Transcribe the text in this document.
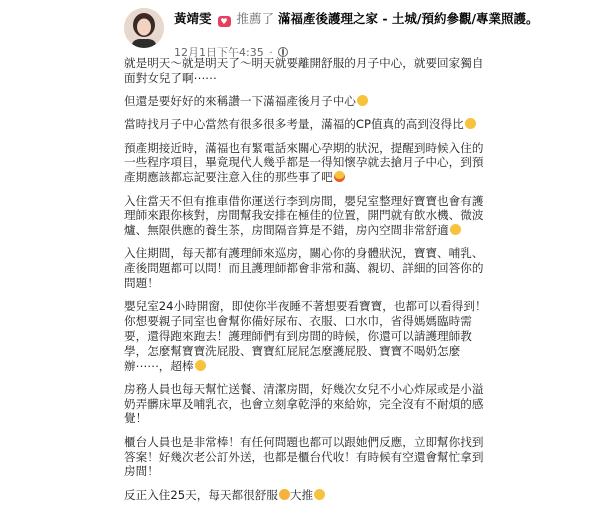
黃靖雯 ♥ 推薦了 滿福產後護理之家 - 土城/預約參觀/專業照護。
12月1日下午4:35 ·

就是明天～就是明天了～明天就要離開舒服的月子中心，就要回家獨自面對女兒了啊⋯⋯

但還是要好好的來稱讚一下滿福產後月子中心

當時找月子中心當然有很多很多考量，滿福的CP值真的高到沒得比

預產期接近時，滿福也有緊電話來關心孕期的狀況，提醒到時候入住的一些程序項目，畢竟現代人幾乎都是一得知懷孕就去搶月子中心，到預產期應該都忘記要注意入住的那些事了吧

入住當天不但有推車借你運送行李到房間，嬰兒室整理好寶寶也會有護理師來跟你核對，房間幫我安排在極佳的位置，開門就有飲水機、微波爐、無限供應的養生茶，房間隔音算是不錯，房內空間非常舒適

入住期間，每天都有護理師來巡房，關心你的身體狀況，寶寶、哺乳、產後問題都可以問！而且護理師都會非常和藹、親切、詳細的回答你的問題！

嬰兒室24小時開窗，即使你半夜睡不著想要看寶寶，也都可以看得到！你想要親子同室也會幫你備好尿布、衣服、口水巾，省得媽媽臨時需要，還得跑來跑去！護理師們有到房間的時候，你還可以請護理師教學，怎麼幫寶寶洗屁股、寶寶紅屁屁怎麼護屁股、寶寶不喝奶怎麼辦⋯⋯，超棒

房務人員也每天幫忙送餐、清潔房間，好幾次女兒不小心炸尿或是小溢奶弄髒床單及哺乳衣，也會立刻拿乾淨的來給妳，完全沒有不耐煩的感覺！

櫃台人員也是非常棒！有任何問題也都可以跟她們反應，立即幫你找到答案！好幾次老公訂外送，也都是櫃台代收！有時候有空還會幫忙拿到房間！

反正入住25天，每天都很舒服 大推
